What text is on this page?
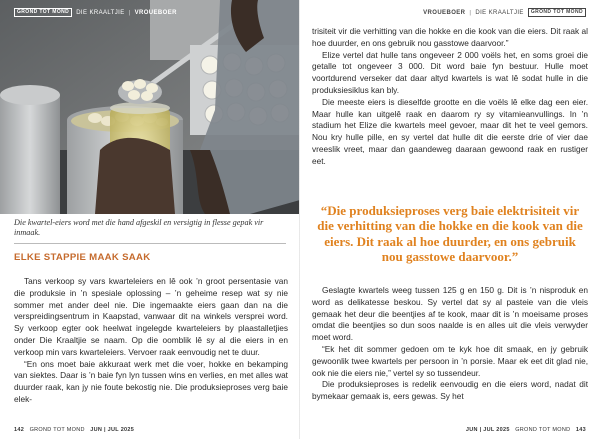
GROND TOT MOND	DIE KRAALTJIE | VROUEBOER
Die kwartel-eiers word met die hand afgeskil en versigtig in flesse gepak vir inmaak.
ELKE STAPPIE MAAK SAAK

Tans verkoop sy vars kwarteleiers en lê ook ’n groot persentasie van die produksie in ’n spesiale oplossing – ’n geheime resep wat sy nie sommer met ander deel nie. Die ingemaakte eiers gaan dan na die verspreidingsentrum in Kaapstad, vanwaar dit na winkels versprei word. Sy verkoop egter ook heelwat ingelegde kwarteleiers by plaastalletjies onder Die Kraaltjie se naam. Op die oomblik lê sy al die eiers in en verkoop min vars kwarteleiers. Vervoer raak eenvoudig net te duur.

“En ons moet baie akkuraat werk met die voer, hokke en bekamping van siektes. Daar is ’n baie fyn lyn tussen wins en verlies, en met alles wat duurder raak, kan jy nie foute bekostig nie. Die produksieproses verg baie elek-

142 GROND TOT MOND JUN | JUL 2025
VROUEBOER | DIE KRAALTJIE	GROND TOT MOND

trisiteit vir die verhitting van die hokke en die kook van die eiers. Dit raak al hoe duurder, en ons gebruik nou gasstowe daarvoor.”

Elize vertel dat hulle tans ongeveer 2 000 voëls het, en soms groei die getalle tot ongeveer 3 000. Dit word baie fyn bestuur. Hulle moet voortdurend verseker dat daar altyd kwartels is wat lê sodat hulle in die produksiesiklus kan bly.

Die meeste eiers is dieselfde grootte en die voëls lê elke dag een eier. Maar hulle kan uitgelê raak en daarom ry sy vitamieanvullings. In ’n stadium het Elize die kwartels meel gevoer, maar dit het te veel gemors. Nou kry hulle pille, en sy vertel dat hulle dit die eerste drie of vier dae vreeslik vreet, maar dan gaandeweg daaraan gewoond raak en rustiger eet.

“Die produksieproses verg baie elektrisiteit vir die verhitting van die hokke en die kook van die eiers. Dit raak al hoe duurder, en ons gebruik nou gasstowe daarvoor.”

Geslagte kwartels weeg tussen 125 g en 150 g. Dit is ’n nisproduk en word as delikatesse beskou. Sy vertel dat sy al pasteie van die vleis gemaak het deur die beentjies af te kook, maar dit is ’n moeisame proses omdat die beentjies so dun soos naalde is en alles uit die vleis verwyder moet word.

“Ek het dit sommer gedoen om te kyk hoe dit smaak, en jy gebruik gewoonlik twee kwartels per persoon in ’n porsie. Maar ek eet dit glad nie, ook nie die eiers nie,” vertel sy so tussendeur.

Die produksieproses is redelik eenvoudig en die eiers word, nadat dit bymekaar gemaak is, eers gewas. Sy het

JUN | JUL 2025 GROND TOT MOND 143
